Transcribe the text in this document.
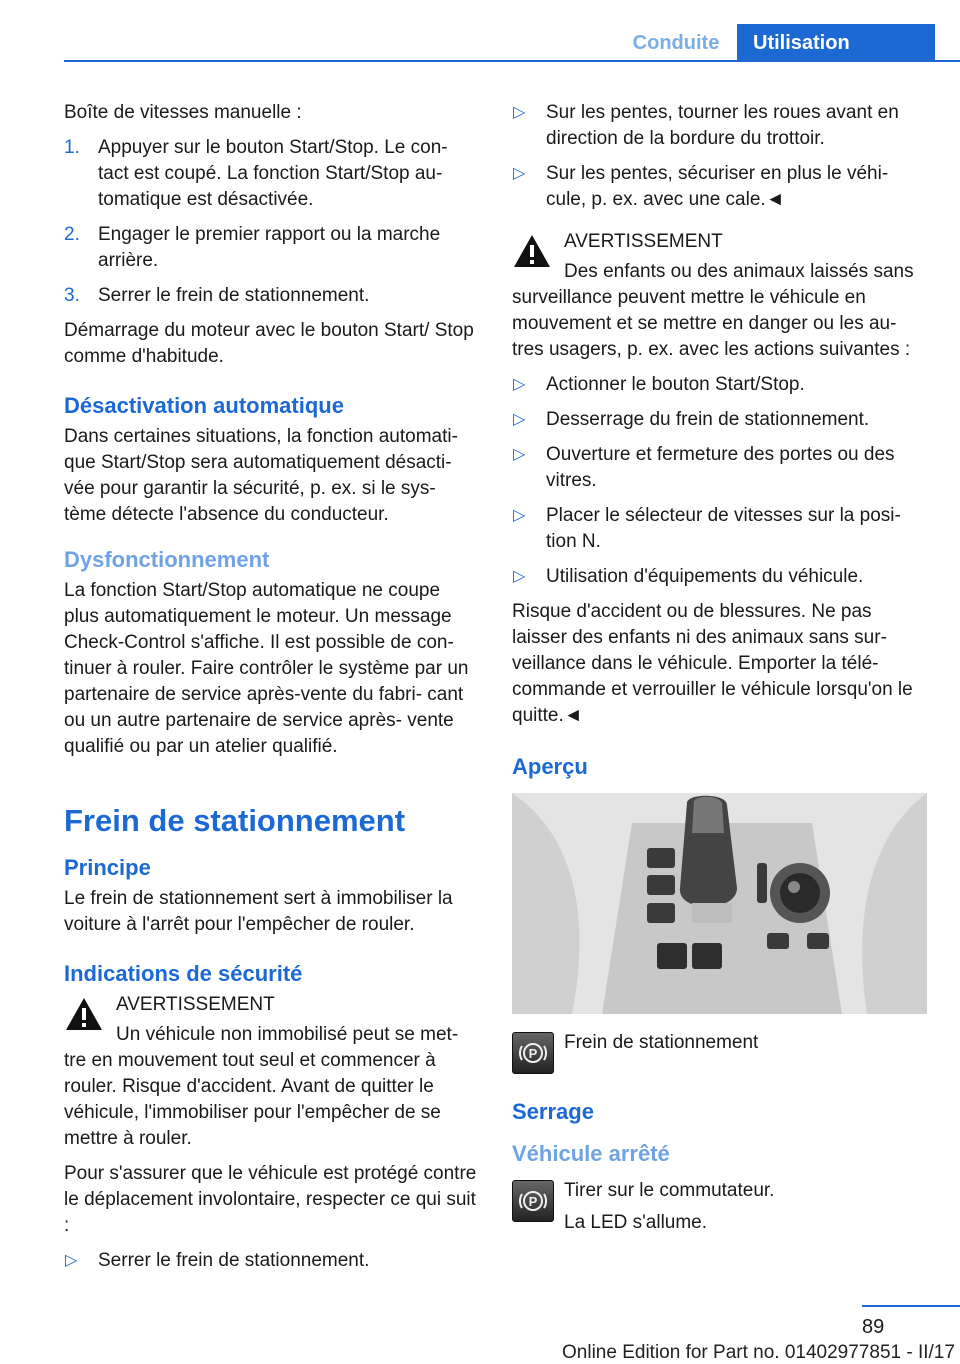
Conduite	Utilisation

Boîte de vitesses manuelle :

1. Appuyer sur le bouton Start/Stop. Le con‐ tact est coupé. La fonction Start/Stop au‐ tomatique est désactivée.
2. Engager le premier rapport ou la marche arrière.
3. Serrer le frein de stationnement.

Démarrage du moteur avec le bouton Start/ Stop comme d'habitude.

Désactivation automatique

Dans certaines situations, la fonction automati‐ que Start/Stop sera automatiquement désacti‐ vée pour garantir la sécurité, p. ex. si le sys‐ tème détecte l'absence du conducteur.

Dysfonctionnement

La fonction Start/Stop automatique ne coupe plus automatiquement le moteur. Un message Check-Control s'affiche. Il est possible de con‐ tinuer à rouler. Faire contrôler le système par un partenaire de service après-vente du fabri‐ cant ou un autre partenaire de service après- vente qualifié ou par un atelier qualifié.

Frein de stationnement
Principe

Le frein de stationnement sert à immobiliser la voiture à l'arrêt pour l'empêcher de rouler.

Indications de sécurité
AVERTISSEMENT
Un véhicule non immobilisé peut se met‐

tre en mouvement tout seul et commencer à rouler. Risque d'accident. Avant de quitter le véhicule, l'immobiliser pour l'empêcher de se mettre à rouler.

Pour s'assurer que le véhicule est protégé contre le déplacement involontaire, respecter ce qui suit :

▷ Serrer le frein de stationnement.
▷ Sur les pentes, tourner les roues avant en direction de la bordure du trottoir.
▷ Sur les pentes, sécuriser en plus le véhi‐ cule, p. ex. avec une cale.◄
AVERTISSEMENT
Des enfants ou des animaux laissés sans

surveillance peuvent mettre le véhicule en mouvement et se mettre en danger ou les au‐ tres usagers, p. ex. avec les actions suivantes :

▷ Actionner le bouton Start/Stop.
▷ Desserrage du frein de stationnement.
▷ Ouverture et fermeture des portes ou des vitres.
▷ Placer le sélecteur de vitesses sur la posi‐ tion N.
▷ Utilisation d'équipements du véhicule.

Risque d'accident ou de blessures. Ne pas laisser des enfants ni des animaux sans sur‐ veillance dans le véhicule. Emporter la télé‐ commande et verrouiller le véhicule lorsqu'on le quitte.◄

Aperçu
P
Frein de stationnement
Serrage
Véhicule arrêté
P
Tirer sur le commutateur.
La LED s'allume.
89
Online Edition for Part no. 01402977851 - II/17
